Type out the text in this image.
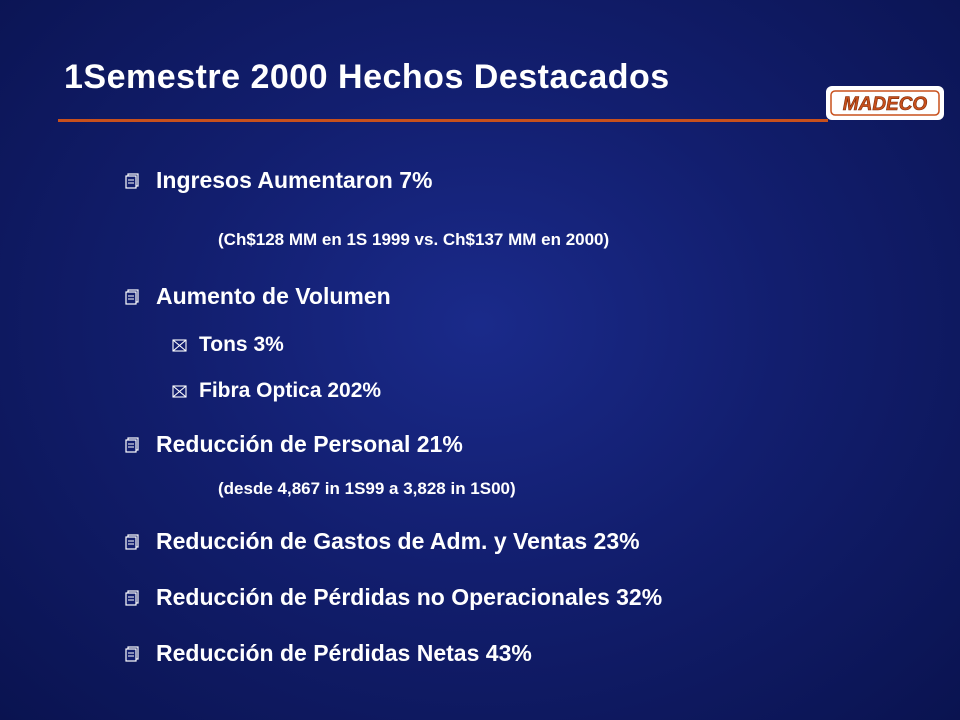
1Semestre 2000 Hechos Destacados
MADECO
Ingresos Aumentaron 7%
(Ch$128 MM en 1S 1999 vs. Ch$137 MM en 2000)
Aumento de Volumen
Tons 3%
Fibra Optica 202%
Reducción de Personal 21%
(desde 4,867 in 1S99 a 3,828 in 1S00)
Reducción de Gastos de Adm. y Ventas 23%
Reducción de Pérdidas no Operacionales 32%
Reducción de Pérdidas Netas 43%
